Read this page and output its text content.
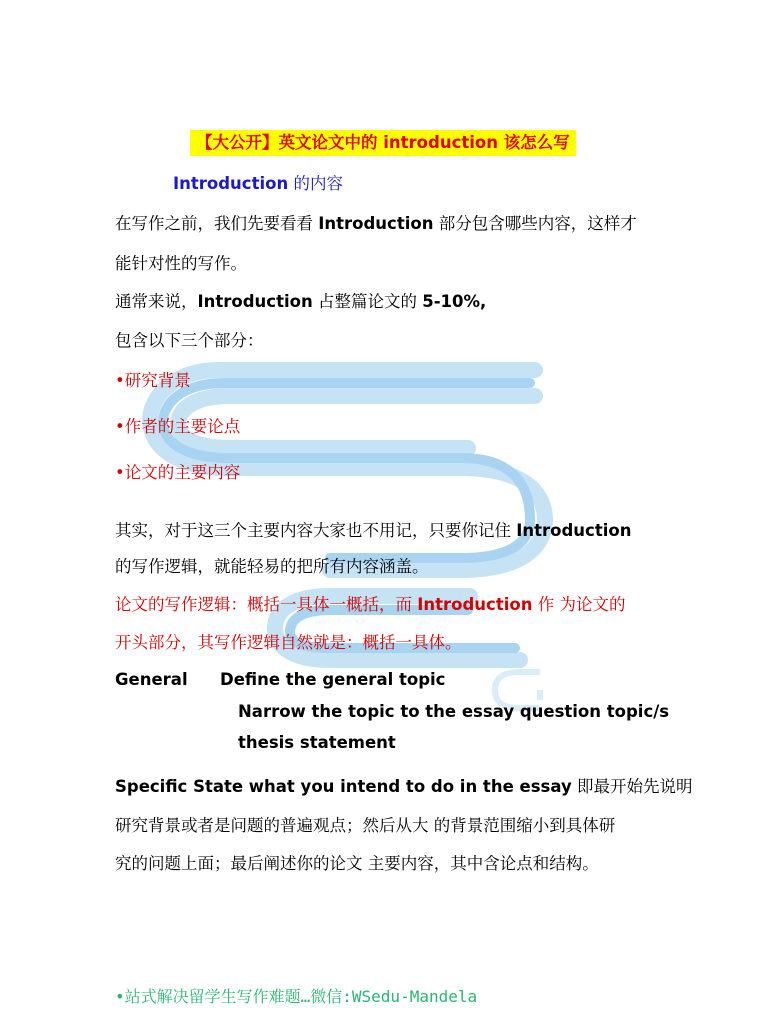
【大公开】英文论文中的 introduction 该怎么写
Introduction 的内容
在写作之前，我们先要看看 Introduction 部分包含哪些内容，这样才
能针对性的写作。
通常来说，Introduction 占整篇论文的 5-10%,
包含以下三个部分：
•研究背景
•作者的主要论点
•论文的主要内容
其实，对于这三个主要内容大家也不用记，只要你记住 Introduction
的写作逻辑，就能轻易的把所有内容涵盖。
论文的写作逻辑：概括一具体一概括，而 Introduction 作 为论文的
开头部分，其写作逻辑自然就是：概括一具体。
General Define the general topic
Narrow the topic to the essay question topic/s
thesis statement
Specific State what you intend to do in the essay 即最开始先说明
研究背景或者是问题的普遍观点；然后从大 的背景范围缩小到具体研
究的问题上面；最后阐述你的论文 主要内容，其中含论点和结构。
•站式解决留学生写作难题…微信:WSedu-Mandela
